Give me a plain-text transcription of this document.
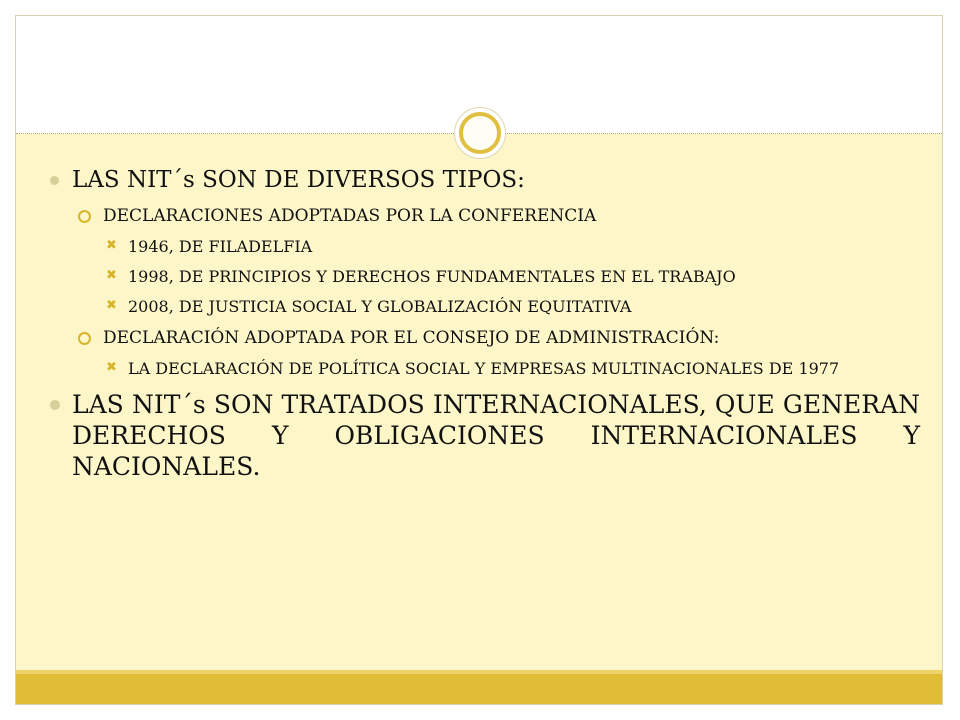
LAS NIT´s SON DE DIVERSOS TIPOS:
DECLARACIONES ADOPTADAS POR LA CONFERENCIA
✖ 1946, DE FILADELFIA
✖ 1998, DE PRINCIPIOS Y DERECHOS FUNDAMENTALES EN EL TRABAJO
✖ 2008, DE JUSTICIA SOCIAL Y GLOBALIZACIÓN EQUITATIVA
DECLARACIÓN ADOPTADA POR EL CONSEJO DE ADMINISTRACIÓN:
✖ LA DECLARACIÓN DE POLÍTICA SOCIAL Y EMPRESAS MULTINACIONALES DE 1977
LAS NIT´s SON TRATADOS INTERNACIONALES, QUE GENERAN DERECHOS Y OBLIGACIONES INTERNACIONALES Y NACIONALES.
